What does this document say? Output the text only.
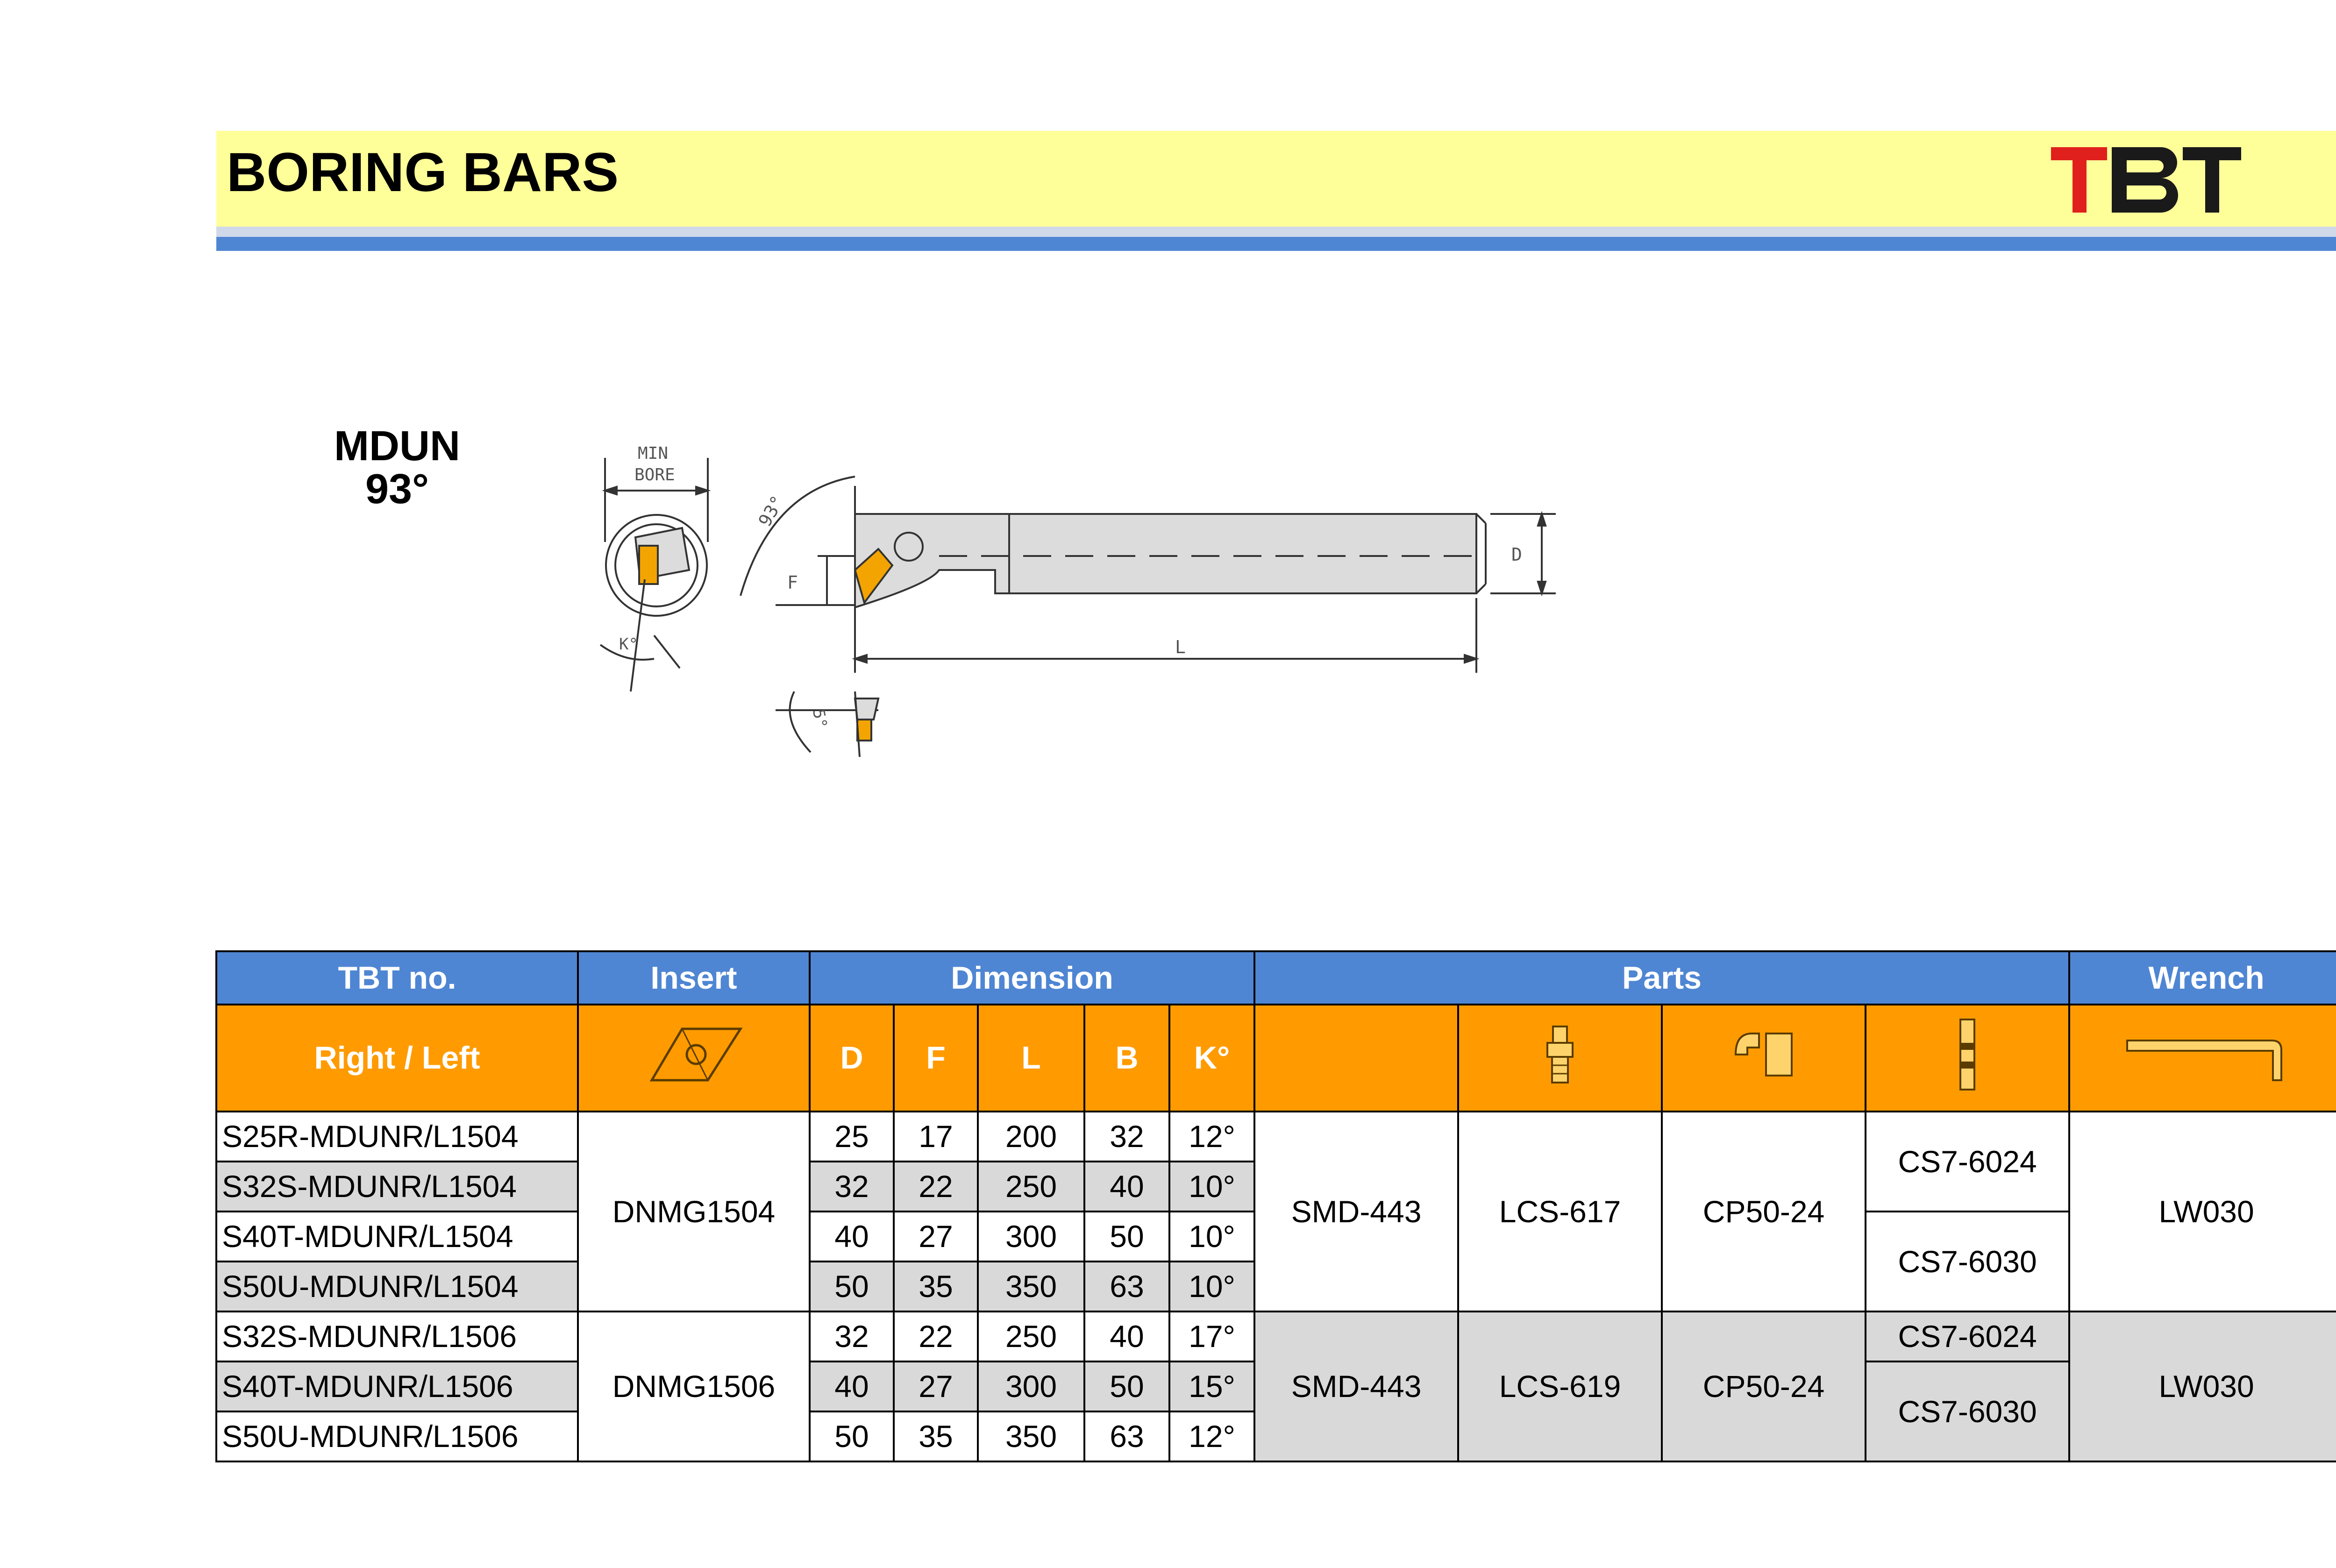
BORING BARS
MDUN
93°
MIN
BORE
K°
93°
F
D
L
5°
TBT no.	Insert	Dimension					Parts				Wrench
Right / Left		D	F	L	B	K°					
S25R-MDUNR/L1504	DNMG1504	25	17	200	32	12°	SMD-443	LCS-617	CP50-24	CS7-6024	LW030
S32S-MDUNR/L1504		32	22	250	40	10°					
S40T-MDUNR/L1504		40	27	300	50	10°				CS7-6030	
S50U-MDUNR/L1504		50	35	350	63	10°					
S32S-MDUNR/L1506	DNMG1506	32	22	250	40	17°	SMD-443	LCS-619	CP50-24	CS7-6024	LW030
S40T-MDUNR/L1506		40	27	300	50	15°				CS7-6030	
S50U-MDUNR/L1506		50	35	350	63	12°					
